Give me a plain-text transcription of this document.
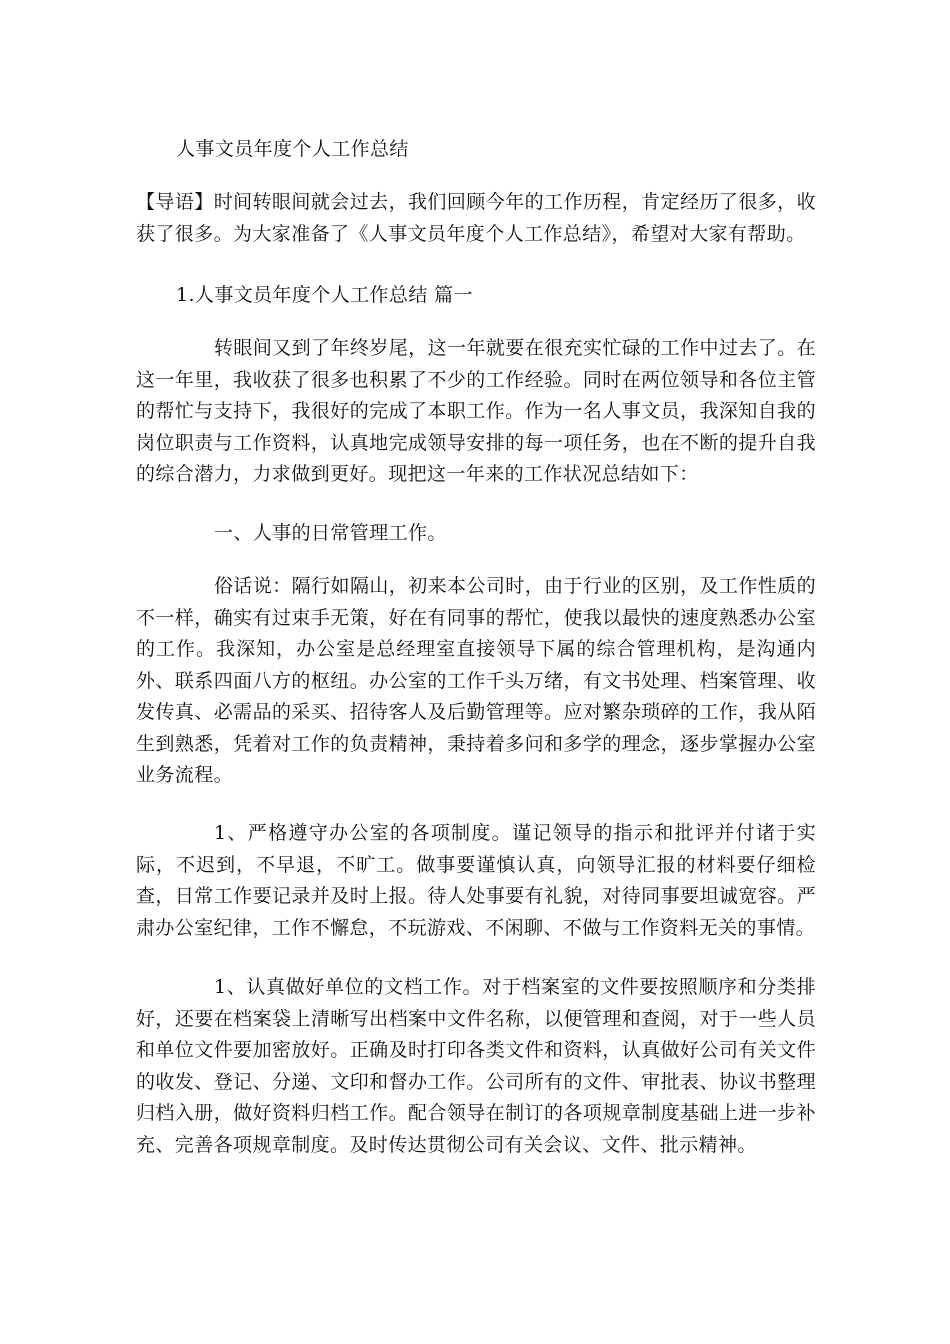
人事文员年度个人工作总结

【导语】时间转眼间就会过去，我们回顾今年的工作历程，肯定经历了很多，收获了很多。为大家准备了《人事文员年度个人工作总结》，希望对大家有帮助。

1.人事文员年度个人工作总结 篇一

转眼间又到了年终岁尾，这一年就要在很充实忙碌的工作中过去了。在这一年里，我收获了很多也积累了不少的工作经验。同时在两位领导和各位主管的帮忙与支持下，我很好的完成了本职工作。作为一名人事文员，我深知自我的岗位职责与工作资料，认真地完成领导安排的每一项任务，也在不断的提升自我的综合潜力，力求做到更好。现把这一年来的工作状况总结如下：

一、人事的日常管理工作。

俗话说：隔行如隔山，初来本公司时，由于行业的区别，及工作性质的不一样，确实有过束手无策，好在有同事的帮忙，使我以最快的速度熟悉办公室的工作。我深知，办公室是总经理室直接领导下属的综合管理机构，是沟通内外、联系四面八方的枢纽。办公室的工作千头万绪，有文书处理、档案管理、收发传真、必需品的采买、招待客人及后勤管理等。应对繁杂琐碎的工作，我从陌生到熟悉，凭着对工作的负责精神，秉持着多问和多学的理念，逐步掌握办公室业务流程。

1、严格遵守办公室的各项制度。谨记领导的指示和批评并付诸于实际，不迟到，不早退，不旷工。做事要谨慎认真，向领导汇报的材料要仔细检查，日常工作要记录并及时上报。待人处事要有礼貌，对待同事要坦诚宽容。严肃办公室纪律，工作不懈怠，不玩游戏、不闲聊、不做与工作资料无关的事情。

1、认真做好单位的文档工作。对于档案室的文件要按照顺序和分类排好，还要在档案袋上清晰写出档案中文件名称，以便管理和查阅，对于一些人员和单位文件要加密放好。正确及时打印各类文件和资料，认真做好公司有关文件的收发、登记、分递、文印和督办工作。公司所有的文件、审批表、协议书整理归档入册，做好资料归档工作。配合领导在制订的各项规章制度基础上进一步补充、完善各项规章制度。及时传达贯彻公司有关会议、文件、批示精神。
